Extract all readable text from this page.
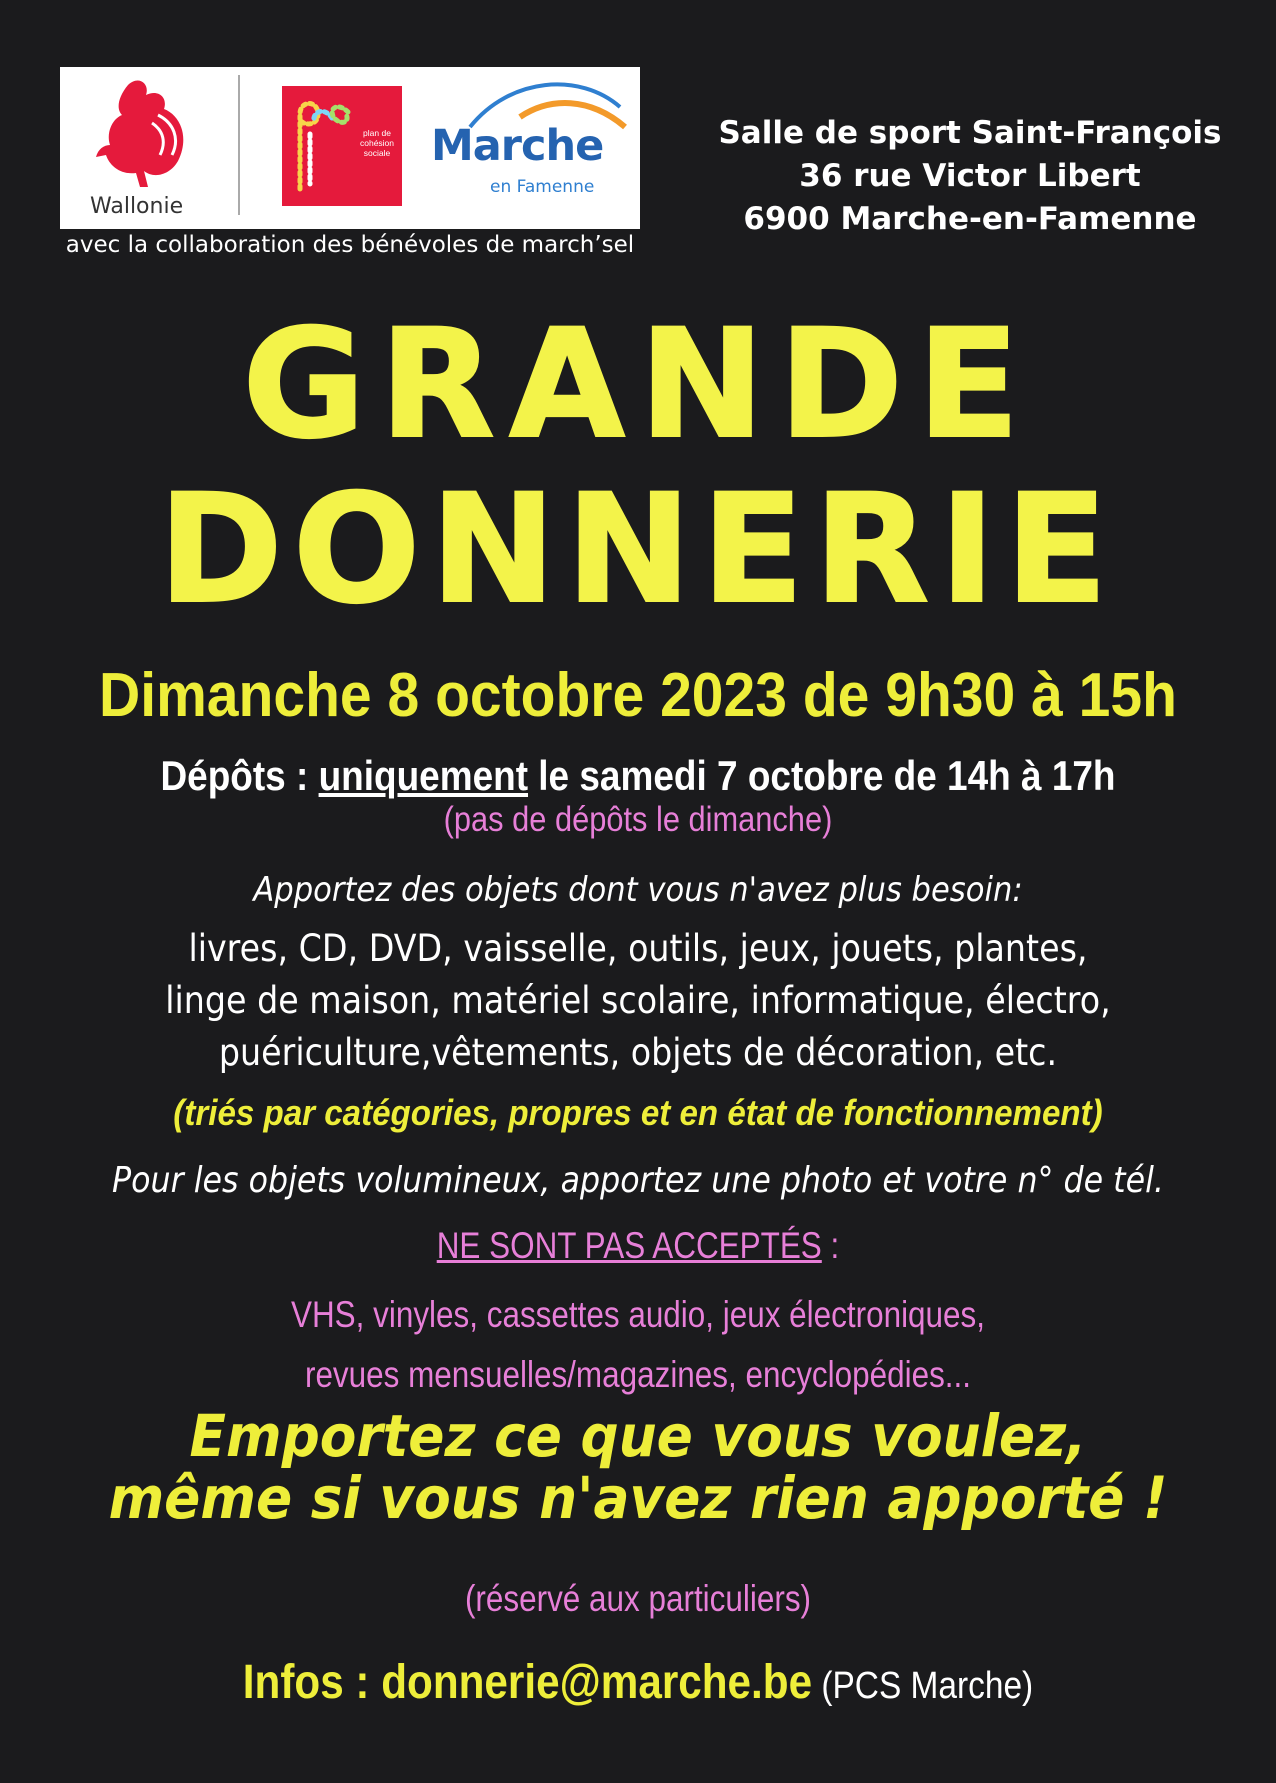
Wallonie
plan de cohésion sociale Marche
en Famenne
avec la collaboration des bénévoles de march’sel
Salle de sport Saint-François
36 rue Victor Libert
6900 Marche-en-Famenne
GRANDE
DONNERIE
Dimanche 8 octobre 2023 de 9h30 à 15h
Dépôts : uniquement le samedi 7 octobre de 14h à 17h
(pas de dépôts le dimanche)
Apportez des objets dont vous n'avez plus besoin:
livres, CD, DVD, vaisselle, outils, jeux, jouets, plantes,
linge de maison, matériel scolaire, informatique, électro,
puériculture,vêtements, objets de décoration, etc.
(triés par catégories, propres et en état de fonctionnement)
Pour les objets volumineux, apportez une photo et votre n° de tél.
NE SONT PAS ACCEPTÉS :
VHS, vinyles, cassettes audio, jeux électroniques,
revues mensuelles/magazines, encyclopédies...
Emportez ce que vous voulez,
même si vous n'avez rien apporté !
(réservé aux particuliers)
Infos : donnerie@marche.be (PCS Marche)
